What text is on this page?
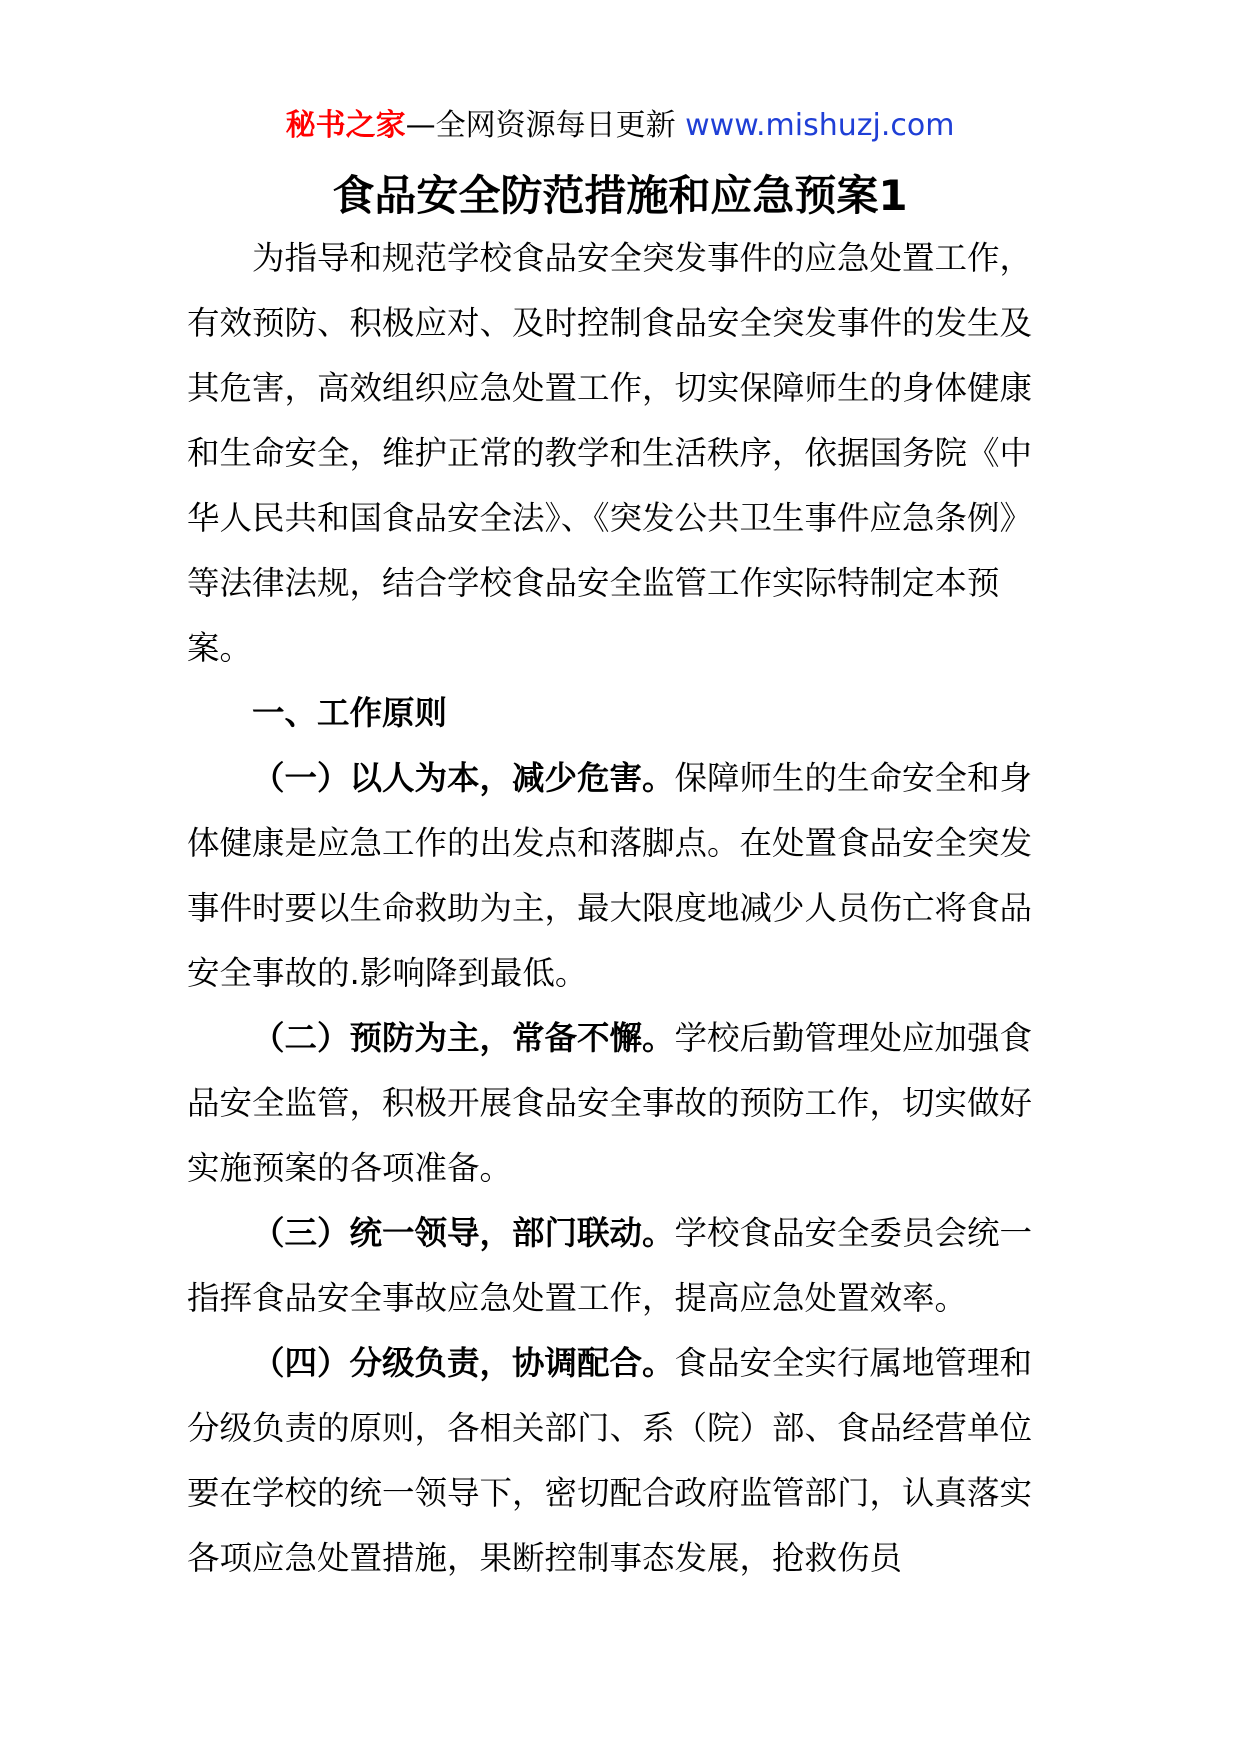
秘书之家—全网资源每日更新 www.mishuzj.com
食品安全防范措施和应急预案1

为指导和规范学校食品安全突发事件的应急处置工作，有效预防、积极应对、及时控制食品安全突发事件的发生及其危害，高效组织应急处置工作，切实保障师生的身体健康和生命安全，维护正常的教学和生活秩序，依据国务院《中华人民共和国食品安全法》、《突发公共卫生事件应急条例》等法律法规，结合学校食品安全监管工作实际特制定本预案。

一、工作原则

（一）以人为本，减少危害。保障师生的生命安全和身体健康是应急工作的出发点和落脚点。在处置食品安全突发事件时要以生命救助为主，最大限度地减少人员伤亡将食品安全事故的.影响降到最低。

（二）预防为主，常备不懈。学校后勤管理处应加强食品安全监管，积极开展食品安全事故的预防工作，切实做好实施预案的各项准备。

（三）统一领导，部门联动。学校食品安全委员会统一指挥食品安全事故应急处置工作，提高应急处置效率。

（四）分级负责，协调配合。食品安全实行属地管理和分级负责的原则，各相关部门、系（院）部、食品经营单位要在学校的统一领导下，密切配合政府监管部门，认真落实各项应急处置措施，果断控制事态发展，抢救伤员
